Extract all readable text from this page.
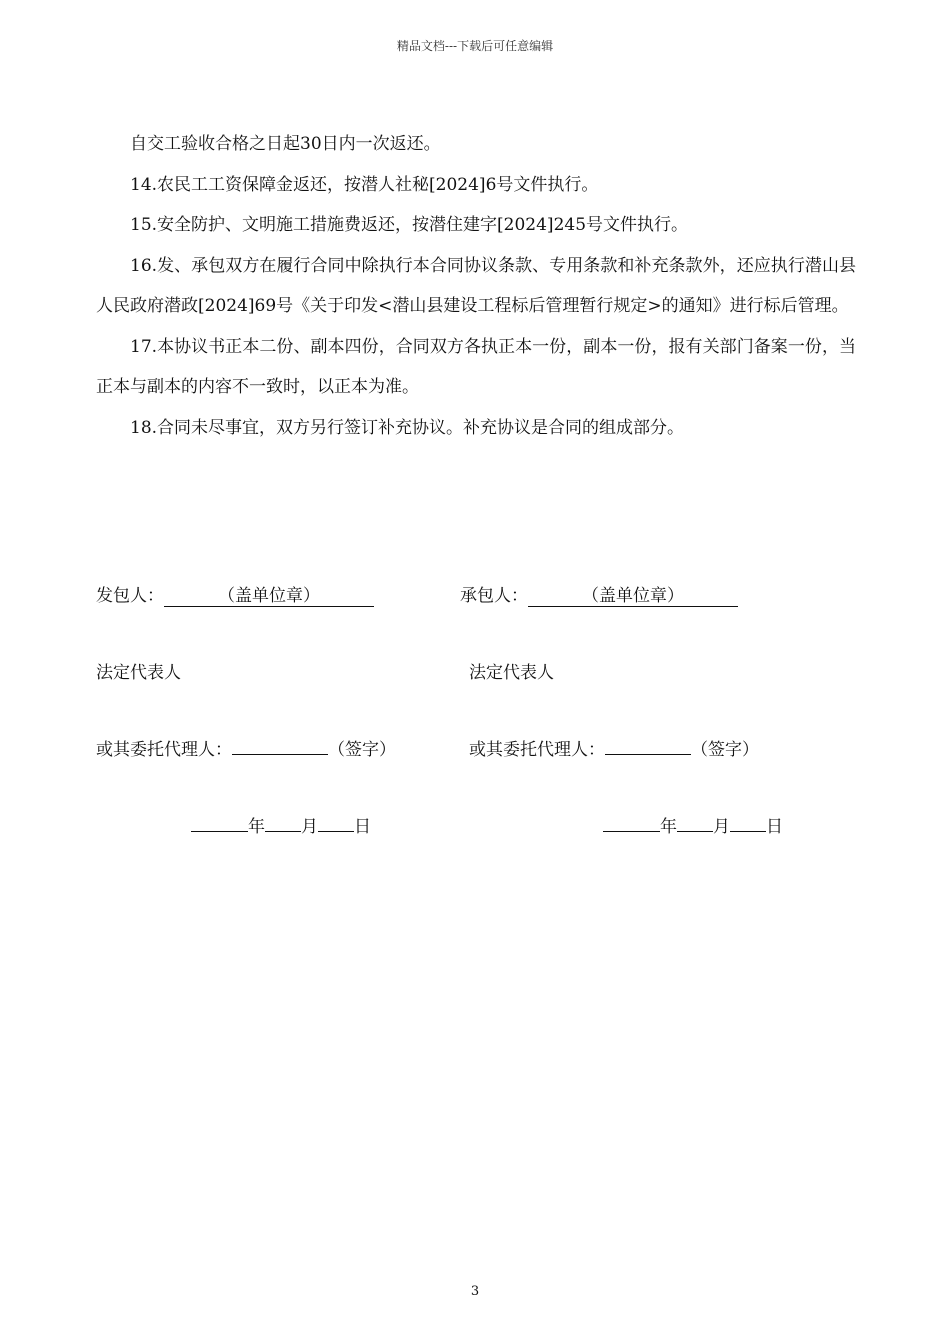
精品文档---下载后可任意编辑

自交工验收合格之日起30日内一次返还。

14.农民工工资保障金返还，按潜人社秘[2024]6号文件执行。

15.安全防护、文明施工措施费返还，按潜住建字[2024]245号文件执行。

16.发、承包双方在履行合同中除执行本合同协议条款、专用条款和补充条款外，还应执行潜山县人民政府潜政[2024]69号《关于印发<潜山县建设工程标后管理暂行规定>的通知》进行标后管理。

17.本协议书正本二份、副本四份，合同双方各执正本一份，副本一份，报有关部门备案一份，当正本与副本的内容不一致时，以正本为准。

18.合同未尽事宜，双方另行签订补充协议。补充协议是合同的组成部分。

发包人：	（盖单位章）
法定代表人
或其委托代理人：	（签字）
年 月 日
承包人：	（盖单位章）
法定代表人
或其委托代理人：	（签字）
年 月 日
3
